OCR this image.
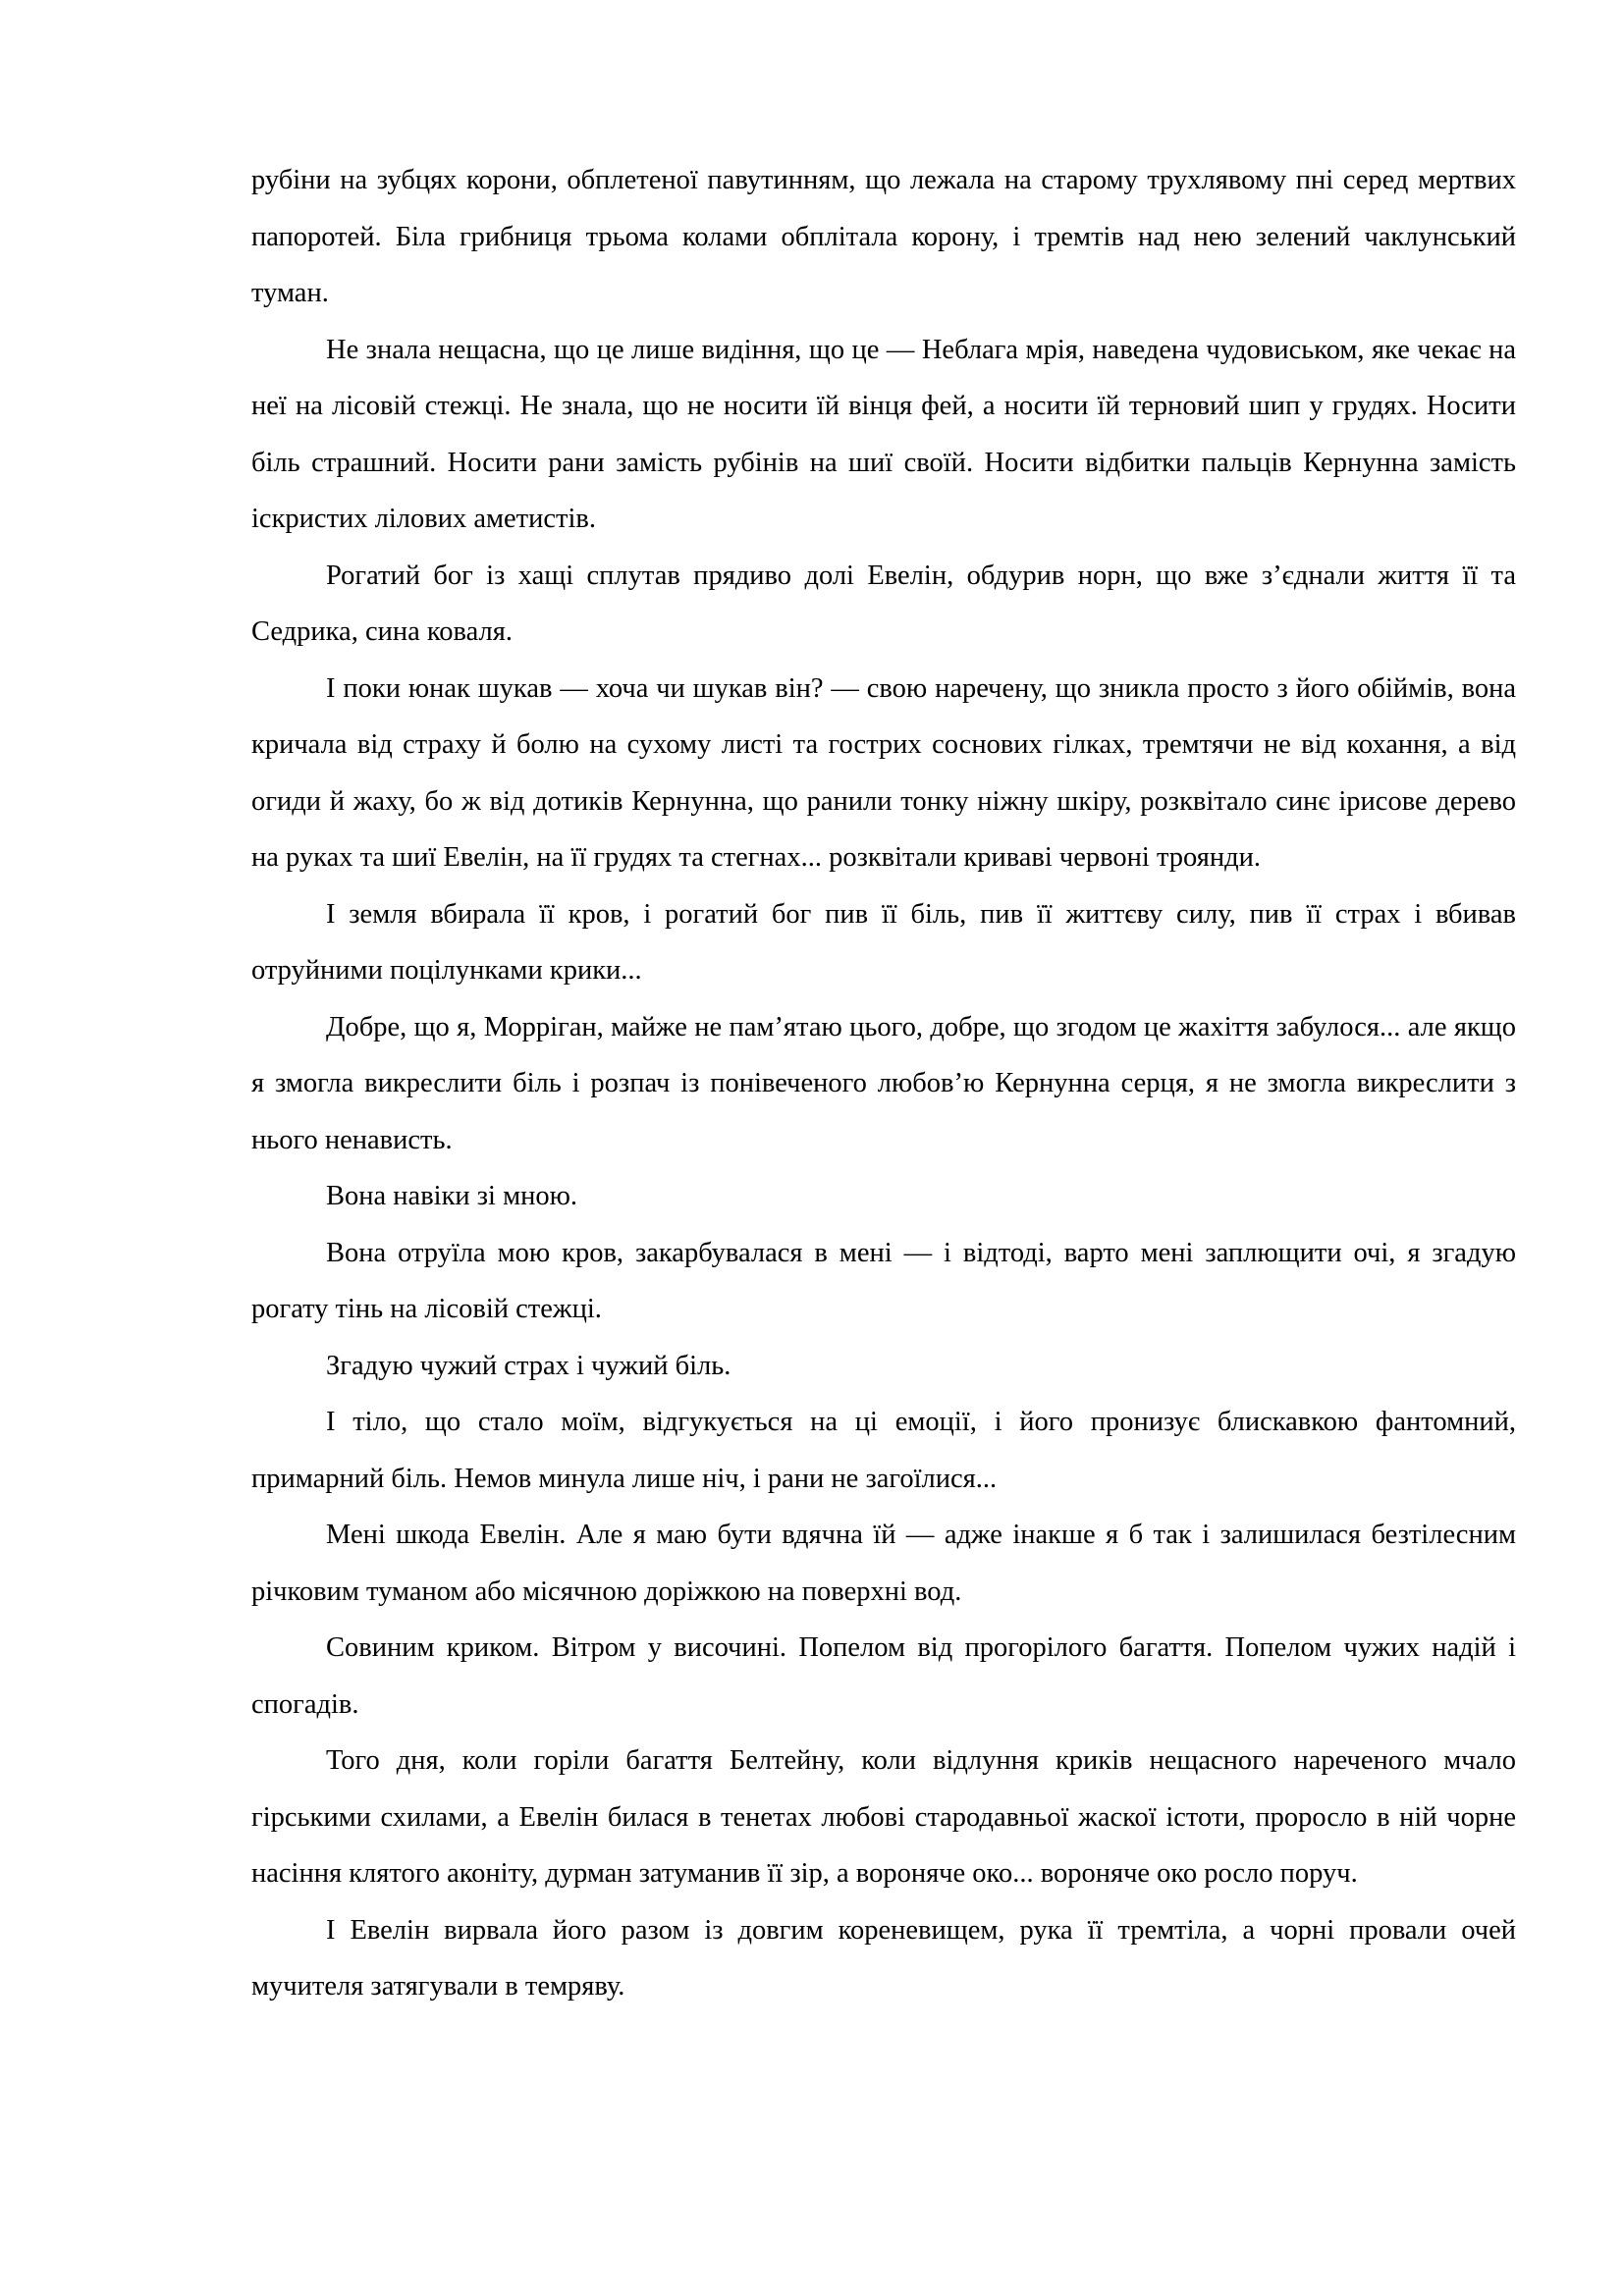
рубіни на зубцях корони, обплетеної павутинням, що лежала на старому трухлявому пні серед мертвих папоротей. Біла грибниця трьома колами обплітала корону, і тремтів над нею зелений чаклунський туман.

Не знала нещасна, що це лише видіння, що це — Неблага мрія, наведена чудовиськом, яке чекає на неї на лісовій стежці. Не знала, що не носити їй вінця фей, а носити їй терновий шип у грудях. Носити біль страшний. Носити рани замість рубінів на шиї своїй. Носити відбитки пальців Кернунна замість іскристих лілових аметистів.

Рогатий бог із хащі сплутав прядиво долі Евелін, обдурив норн, що вже з’єднали життя її та Седрика, сина коваля.

І поки юнак шукав — хоча чи шукав він? — свою наречену, що зникла просто з його обіймів, вона кричала від страху й болю на сухому листі та гострих соснових гілках, тремтячи не від кохання, а від огиди й жаху, бо ж від дотиків Кернунна, що ранили тонку ніжну шкіру, розквітало синє ірисове дерево на руках та шиї Евелін, на її грудях та стегнах... розквітали криваві червоні троянди.

І земля вбирала її кров, і рогатий бог пив її біль, пив її життєву силу, пив її страх і вбивав отруйними поцілунками крики...

Добре, що я, Морріган, майже не пам’ятаю цього, добре, що згодом це жахіття забулося... але якщо я змогла викреслити біль і розпач із понівеченого любов’ю Кернунна серця, я не змогла викреслити з нього ненависть.

Вона навіки зі мною.

Вона отруїла мою кров, закарбувалася в мені — і відтоді, варто мені заплющити очі, я згадую рогату тінь на лісовій стежці.

Згадую чужий страх і чужий біль.

І тіло, що стало моїм, відгукується на ці емоції, і його пронизує блискавкою фантомний, примарний біль. Немов минула лише ніч, і рани не загоїлися...

Мені шкода Евелін. Але я маю бути вдячна їй — адже інакше я б так і залишилася безтілесним річковим туманом або місячною доріжкою на поверхні вод.

Совиним криком. Вітром у височині. Попелом від прогорілого багаття. Попелом чужих надій і спогадів.

Того дня, коли горіли багаття Белтейну, коли відлуння криків нещасного нареченого мчало гірськими схилами, а Евелін билася в тенетах любові стародавньої жаскої істоти, проросло в ній чорне насіння клятого аконіту, дурман затуманив її зір, а вороняче око... вороняче око росло поруч.

І Евелін вирвала його разом із довгим кореневищем, рука її тремтіла, а чорні провали очей мучителя затягували в темряву.
